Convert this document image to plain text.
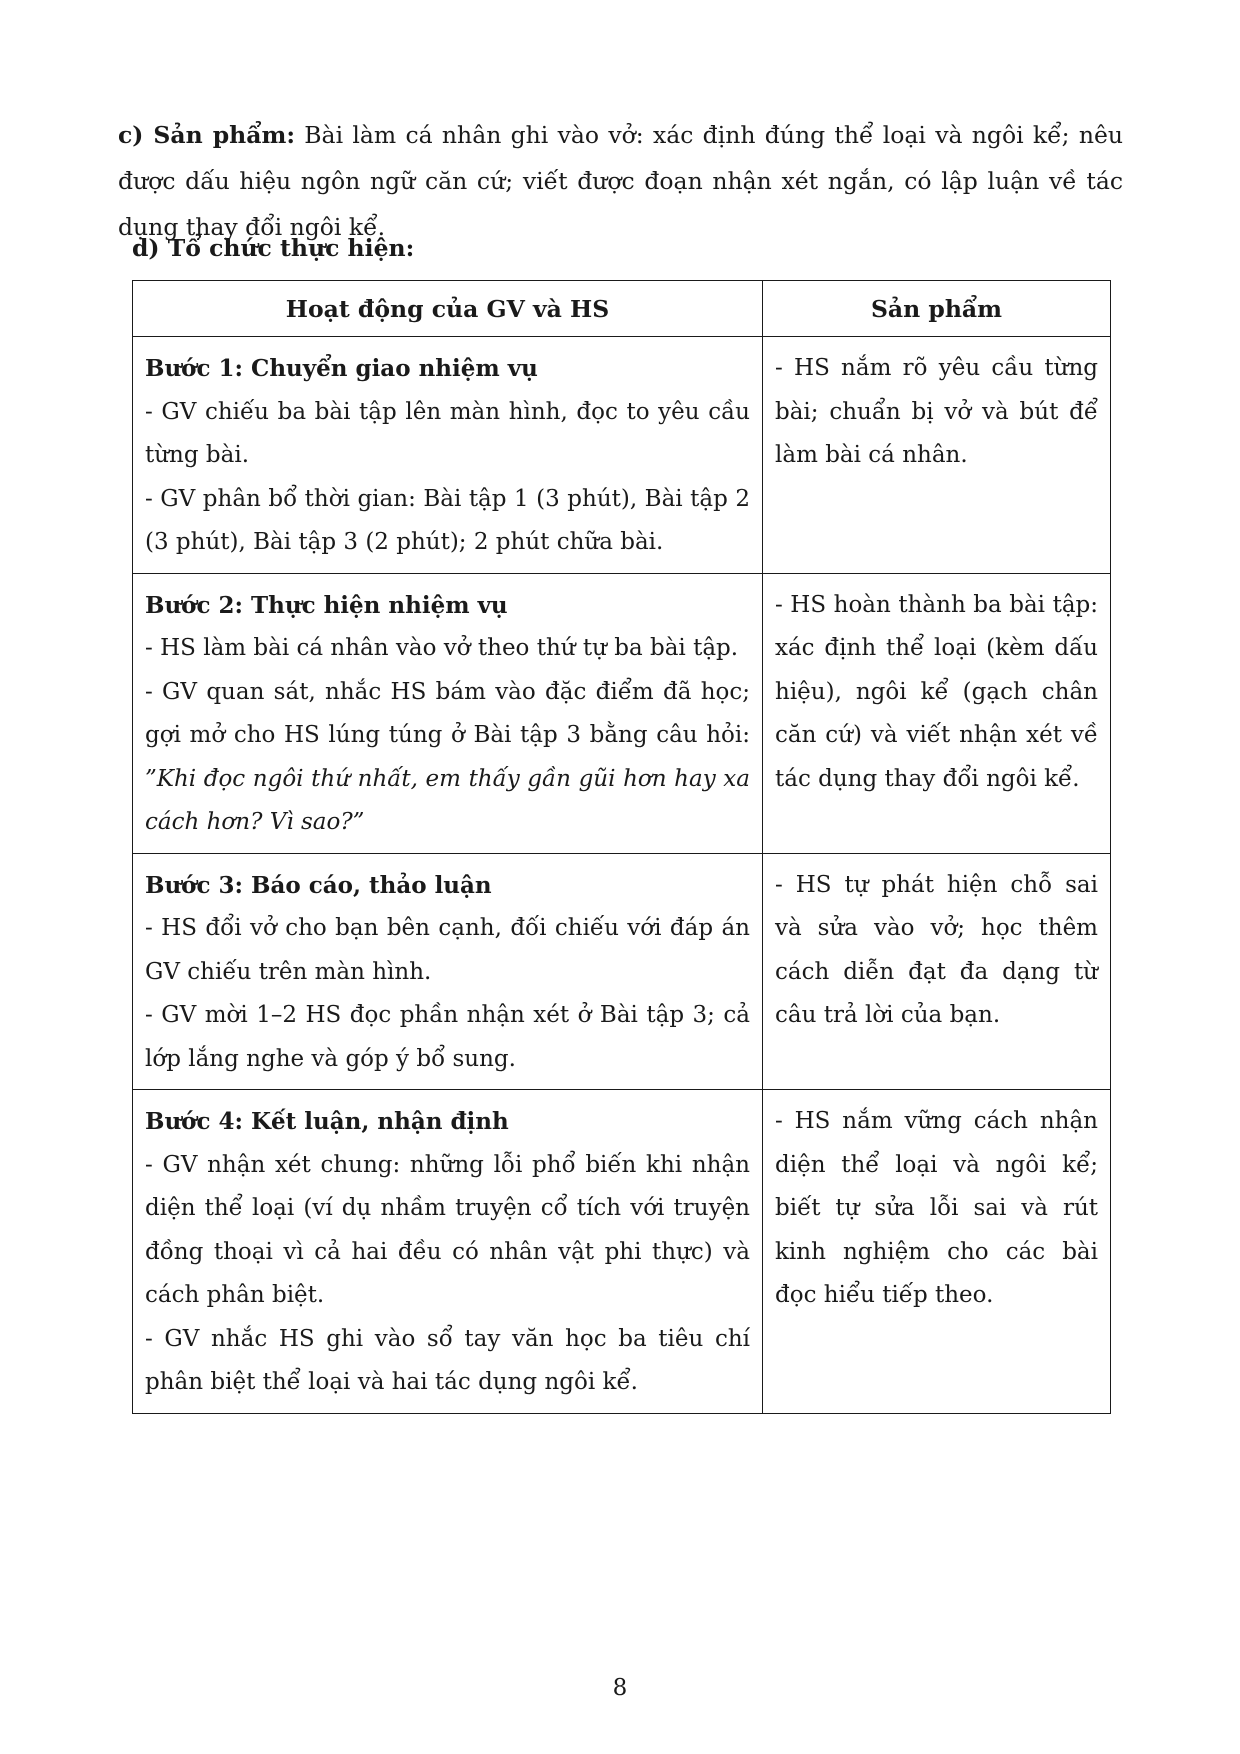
c) Sản phẩm: Bài làm cá nhân ghi vào vở: xác định đúng thể loại và ngôi kể; nêu được dấu hiệu ngôn ngữ căn cứ; viết được đoạn nhận xét ngắn, có lập luận về tác dụng thay đổi ngôi kể.

d) Tổ chức thực hiện:
Hoạt động của GV và HS	Sản phẩm

Bước 1: Chuyển giao nhiệm vụ
- GV chiếu ba bài tập lên màn hình, đọc to yêu cầu từng bài.
- GV phân bổ thời gian: Bài tập 1 (3 phút), Bài tập 2 (3 phút), Bài tập 3 (2 phút); 2 phút chữa bài.	- HS nắm rõ yêu cầu từng bài; chuẩn bị vở và bút để làm bài cá nhân.

Bước 2: Thực hiện nhiệm vụ
- HS làm bài cá nhân vào vở theo thứ tự ba bài tập.
- GV quan sát, nhắc HS bám vào đặc điểm đã học; gợi mở cho HS lúng túng ở Bài tập 3 bằng câu hỏi: ”Khi đọc ngôi thứ nhất, em thấy gần gũi hơn hay xa cách hơn? Vì sao?”	- HS hoàn thành ba bài tập: xác định thể loại (kèm dấu hiệu), ngôi kể (gạch chân căn cứ) và viết nhận xét về tác dụng thay đổi ngôi kể.

Bước 3: Báo cáo, thảo luận
- HS đổi vở cho bạn bên cạnh, đối chiếu với đáp án GV chiếu trên màn hình.
- GV mời 1–2 HS đọc phần nhận xét ở Bài tập 3; cả lớp lắng nghe và góp ý bổ sung.	- HS tự phát hiện chỗ sai và sửa vào vở; học thêm cách diễn đạt đa dạng từ câu trả lời của bạn.

Bước 4: Kết luận, nhận định
- GV nhận xét chung: những lỗi phổ biến khi nhận diện thể loại (ví dụ nhầm truyện cổ tích với truyện đồng thoại vì cả hai đều có nhân vật phi thực) và cách phân biệt.
- GV nhắc HS ghi vào sổ tay văn học ba tiêu chí phân biệt thể loại và hai tác dụng ngôi kể.	- HS nắm vững cách nhận diện thể loại và ngôi kể; biết tự sửa lỗi sai và rút kinh nghiệm cho các bài đọc hiểu tiếp theo.
8
